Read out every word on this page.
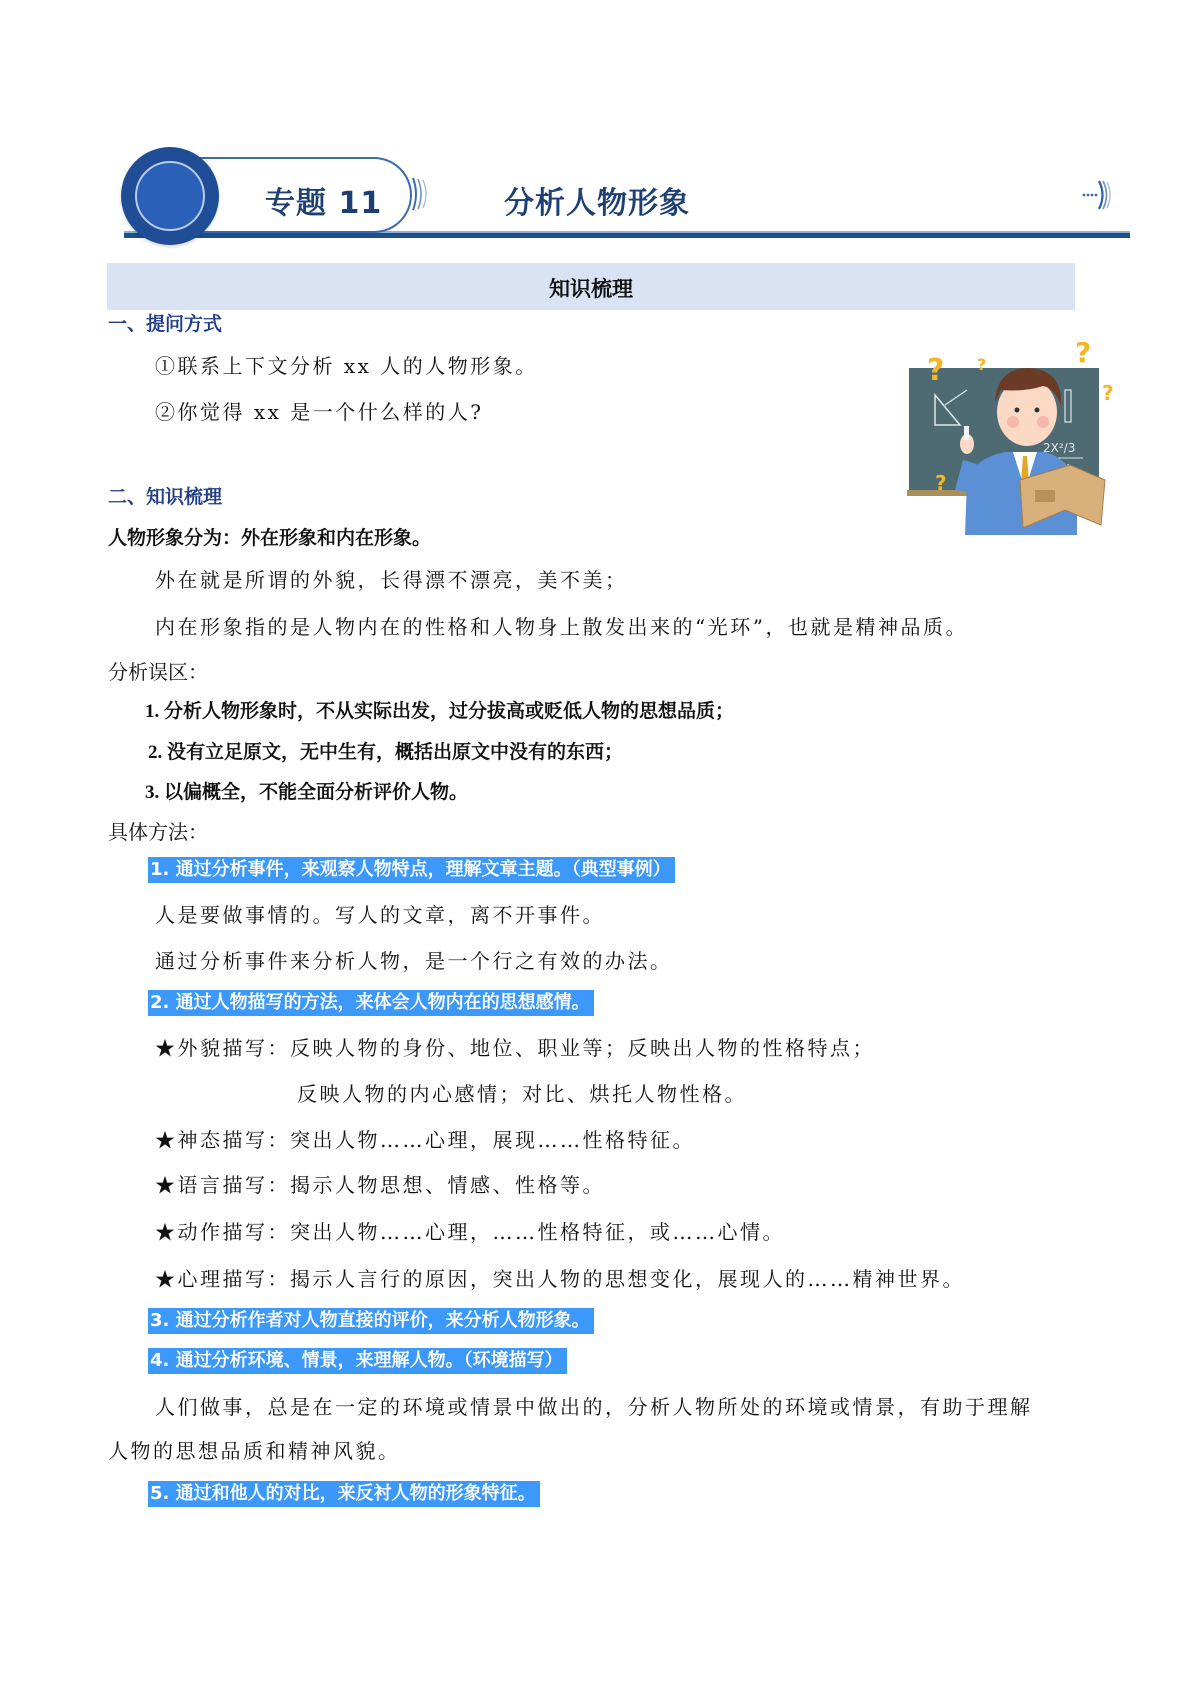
专题 11	分析人物形象
知识梳理
一、提问方式
①联系上下文分析 xx 人的人物形象。
②你觉得 xx 是一个什么样的人?
2X²/3
? ?	?
?
?
二、知识梳理
人物形象分为：外在形象和内在形象。
外在就是所谓的外貌，长得漂不漂亮，美不美；
内在形象指的是人物内在的性格和人物身上散发出来的“光环”，也就是精神品质。
分析误区：
1. 分析人物形象时，不从实际出发，过分拔高或贬低人物的思想品质；
2. 没有立足原文，无中生有，概括出原文中没有的东西；
3. 以偏概全，不能全面分析评价人物。
具体方法：
1. 通过分析事件，来观察人物特点，理解文章主题。（典型事例）
人是要做事情的。写人的文章，离不开事件。
通过分析事件来分析人物，是一个行之有效的办法。
2. 通过人物描写的方法，来体会人物内在的思想感情。
★外貌描写：反映人物的身份、地位、职业等；反映出人物的性格特点；
反映人物的内心感情；对比、烘托人物性格。
★神态描写：突出人物……心理，展现……性格特征。
★语言描写：揭示人物思想、情感、性格等。
★动作描写：突出人物……心理，……性格特征，或……心情。
★心理描写：揭示人言行的原因，突出人物的思想变化，展现人的……精神世界。
3. 通过分析作者对人物直接的评价，来分析人物形象。
4. 通过分析环境、情景，来理解人物。（环境描写）
人们做事，总是在一定的环境或情景中做出的，分析人物所处的环境或情景，有助于理解
人物的思想品质和精神风貌。
5. 通过和他人的对比，来反衬人物的形象特征。
